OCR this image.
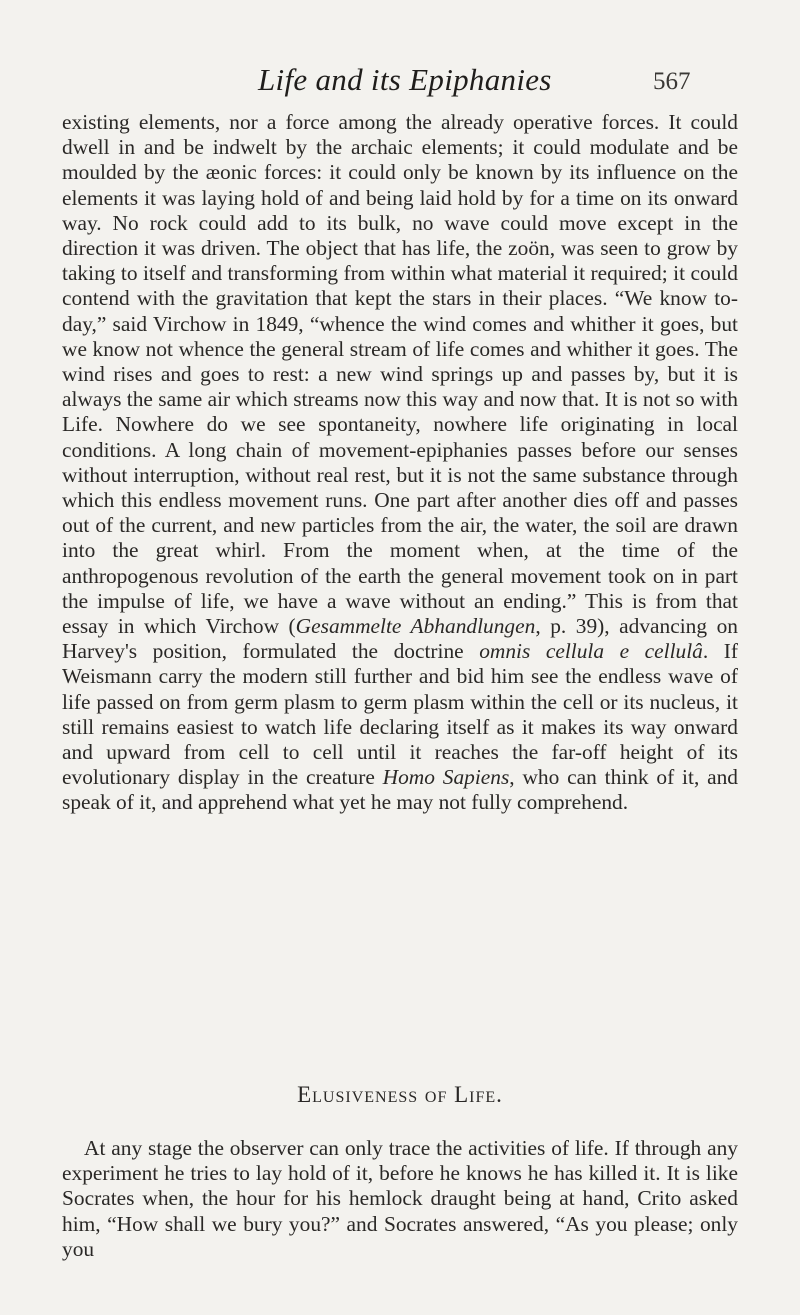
Life and its Epiphanies	567

existing elements, nor a force among the already operative forces. It could dwell in and be indwelt by the archaic elements; it could modulate and be moulded by the æonic forces: it could only be known by its influence on the elements it was laying hold of and being laid hold by for a time on its onward way. No rock could add to its bulk, no wave could move except in the direction it was driven. The object that has life, the zoön, was seen to grow by taking to itself and transforming from within what material it required; it could contend with the gravitation that kept the stars in their places. “We know to-day,” said Virchow in 1849, “whence the wind comes and whither it goes, but we know not whence the general stream of life comes and whither it goes. The wind rises and goes to rest: a new wind springs up and passes by, but it is always the same air which streams now this way and now that. It is not so with Life. Nowhere do we see spontaneity, nowhere life originating in local conditions. A long chain of movement-epiphanies passes before our senses without interruption, without real rest, but it is not the same substance through which this endless movement runs. One part after another dies off and passes out of the current, and new particles from the air, the water, the soil are drawn into the great whirl. From the moment when, at the time of the anthropogenous revolution of the earth the general movement took on in part the impulse of life, we have a wave without an ending.” This is from that essay in which Virchow (Gesammelte Abhandlungen, p. 39), advancing on Harvey's position, formulated the doctrine omnis cellula e cellulâ. If Weismann carry the modern still further and bid him see the endless wave of life passed on from germ plasm to germ plasm within the cell or its nucleus, it still remains easiest to watch life declaring itself as it makes its way onward and upward from cell to cell until it reaches the far-off height of its evolutionary display in the creature Homo Sapiens, who can think of it, and speak of it, and apprehend what yet he may not fully comprehend.

Elusiveness of Life.

At any stage the observer can only trace the activities of life. If through any experiment he tries to lay hold of it, before he knows he has killed it. It is like Socrates when, the hour for his hemlock draught being at hand, Crito asked him, “How shall we bury you?” and Socrates answered, “As you please; only you
